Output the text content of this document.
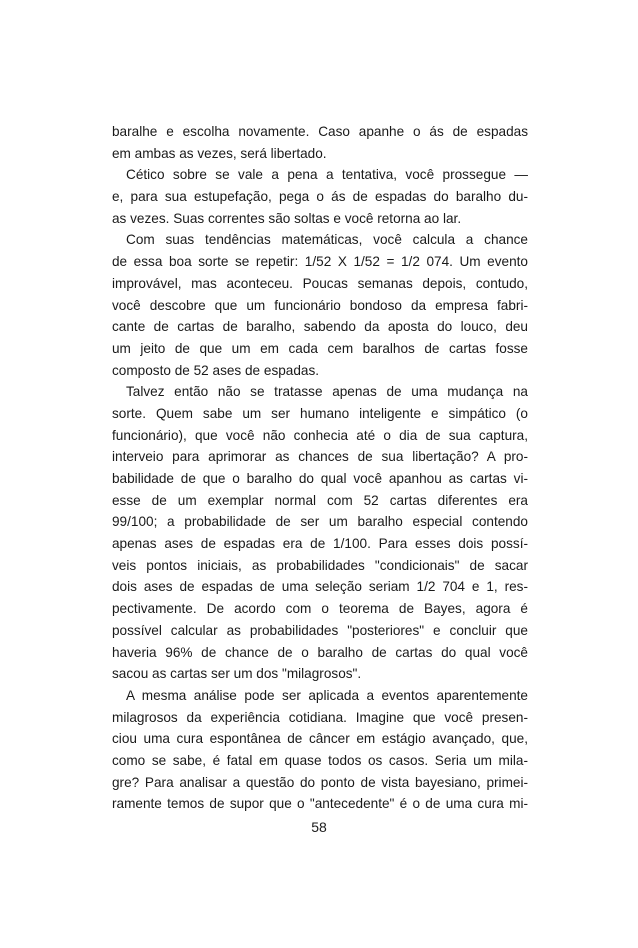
baralhe e escolha novamente. Caso apanhe o ás de espadas
em ambas as vezes, será libertado.
Cético sobre se vale a pena a tentativa, você prossegue —
e, para sua estupefação, pega o ás de espadas do baralho du-
as vezes. Suas correntes são soltas e você retorna ao lar.
Com suas tendências matemáticas, você calcula a chance
de essa boa sorte se repetir: 1/52 X 1/52 = 1/2 074. Um evento
improvável, mas aconteceu. Poucas semanas depois, contudo,
você descobre que um funcionário bondoso da empresa fabri-
cante de cartas de baralho, sabendo da aposta do louco, deu
um jeito de que um em cada cem baralhos de cartas fosse
composto de 52 ases de espadas.
Talvez então não se tratasse apenas de uma mudança na
sorte. Quem sabe um ser humano inteligente e simpático (o
funcionário), que você não conhecia até o dia de sua captura,
interveio para aprimorar as chances de sua libertação? A pro-
babilidade de que o baralho do qual você apanhou as cartas vi-
esse de um exemplar normal com 52 cartas diferentes era
99/100; a probabilidade de ser um baralho especial contendo
apenas ases de espadas era de 1/100. Para esses dois possí-
veis pontos iniciais, as probabilidades "condicionais" de sacar
dois ases de espadas de uma seleção seriam 1/2 704 e 1, res-
pectivamente. De acordo com o teorema de Bayes, agora é
possível calcular as probabilidades "posteriores" e concluir que
haveria 96% de chance de o baralho de cartas do qual você
sacou as cartas ser um dos "milagrosos".
A mesma análise pode ser aplicada a eventos aparentemente
milagrosos da experiência cotidiana. Imagine que você presen-
ciou uma cura espontânea de câncer em estágio avançado, que,
como se sabe, é fatal em quase todos os casos. Seria um mila-
gre? Para analisar a questão do ponto de vista bayesiano, primei-
ramente temos de supor que o "antecedente" é o de uma cura mi-
58
